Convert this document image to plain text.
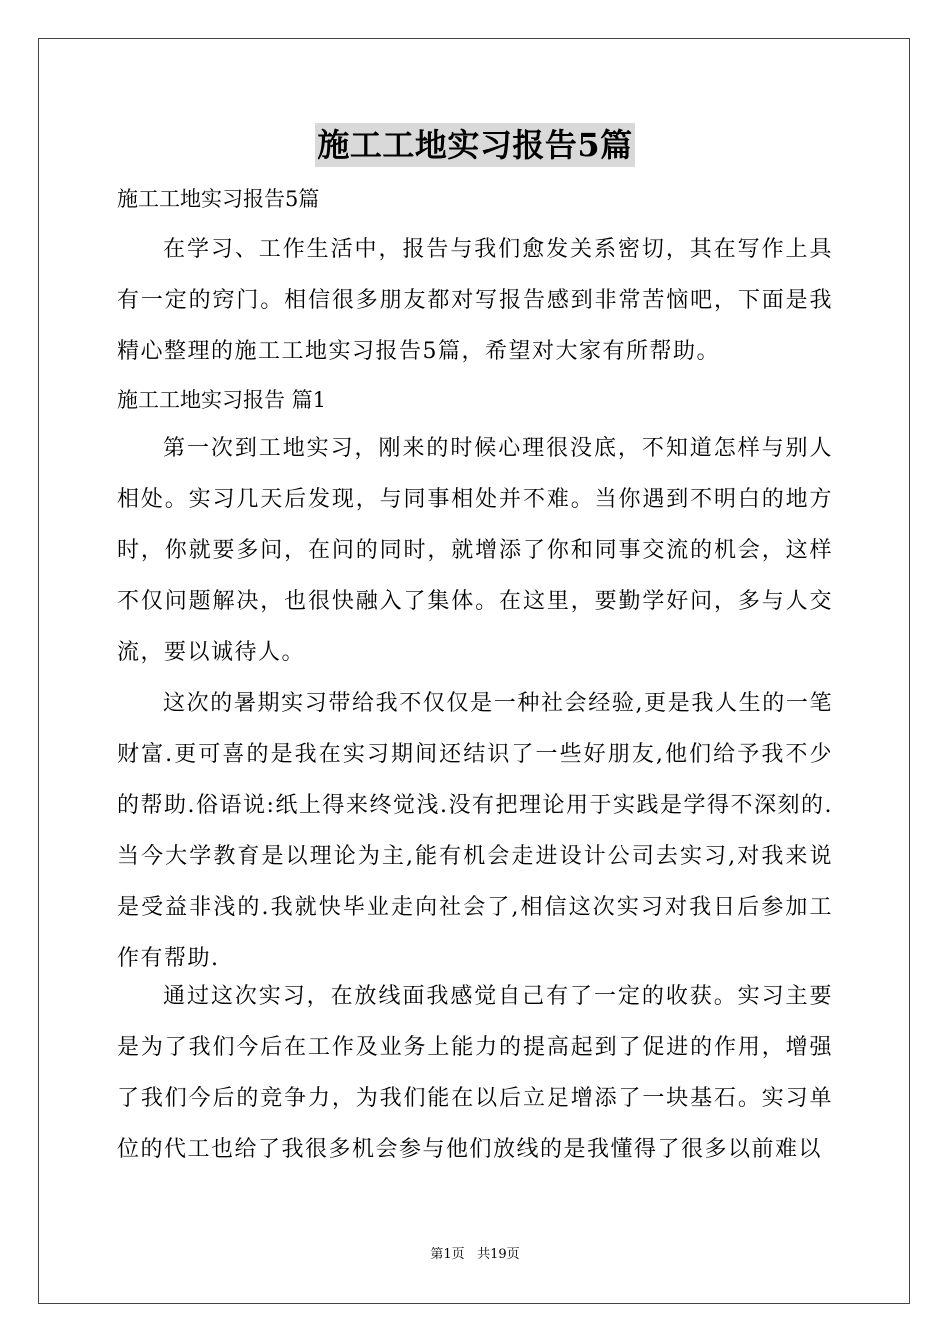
施工工地实习报告5篇
施工工地实习报告5篇

在学习、工作生活中，报告与我们愈发关系密切，其在写作上具有一定的窍门。相信很多朋友都对写报告感到非常苦恼吧，下面是我精心整理的施工工地实习报告5篇，希望对大家有所帮助。

施工工地实习报告 篇1

第一次到工地实习，刚来的时候心理很没底，不知道怎样与别人相处。实习几天后发现，与同事相处并不难。当你遇到不明白的地方时，你就要多问，在问的同时，就增添了你和同事交流的机会，这样不仅问题解决，也很快融入了集体。在这里，要勤学好问，多与人交流，要以诚待人。

这次的暑期实习带给我不仅仅是一种社会经验,更是我人生的一笔财富.更可喜的是我在实习期间还结识了一些好朋友,他们给予我不少的帮助.俗语说:纸上得来终觉浅.没有把理论用于实践是学得不深刻的.当今大学教育是以理论为主,能有机会走进设计公司去实习,对我来说是受益非浅的.我就快毕业走向社会了,相信这次实习对我日后参加工作有帮助.

通过这次实习，在放线面我感觉自己有了一定的收获。实习主要是为了我们今后在工作及业务上能力的提高起到了促进的作用，增强了我们今后的竞争力，为我们能在以后立足增添了一块基石。实习单位的代工也给了我很多机会参与他们放线的是我懂得了很多以前难以

第1页 共19页
